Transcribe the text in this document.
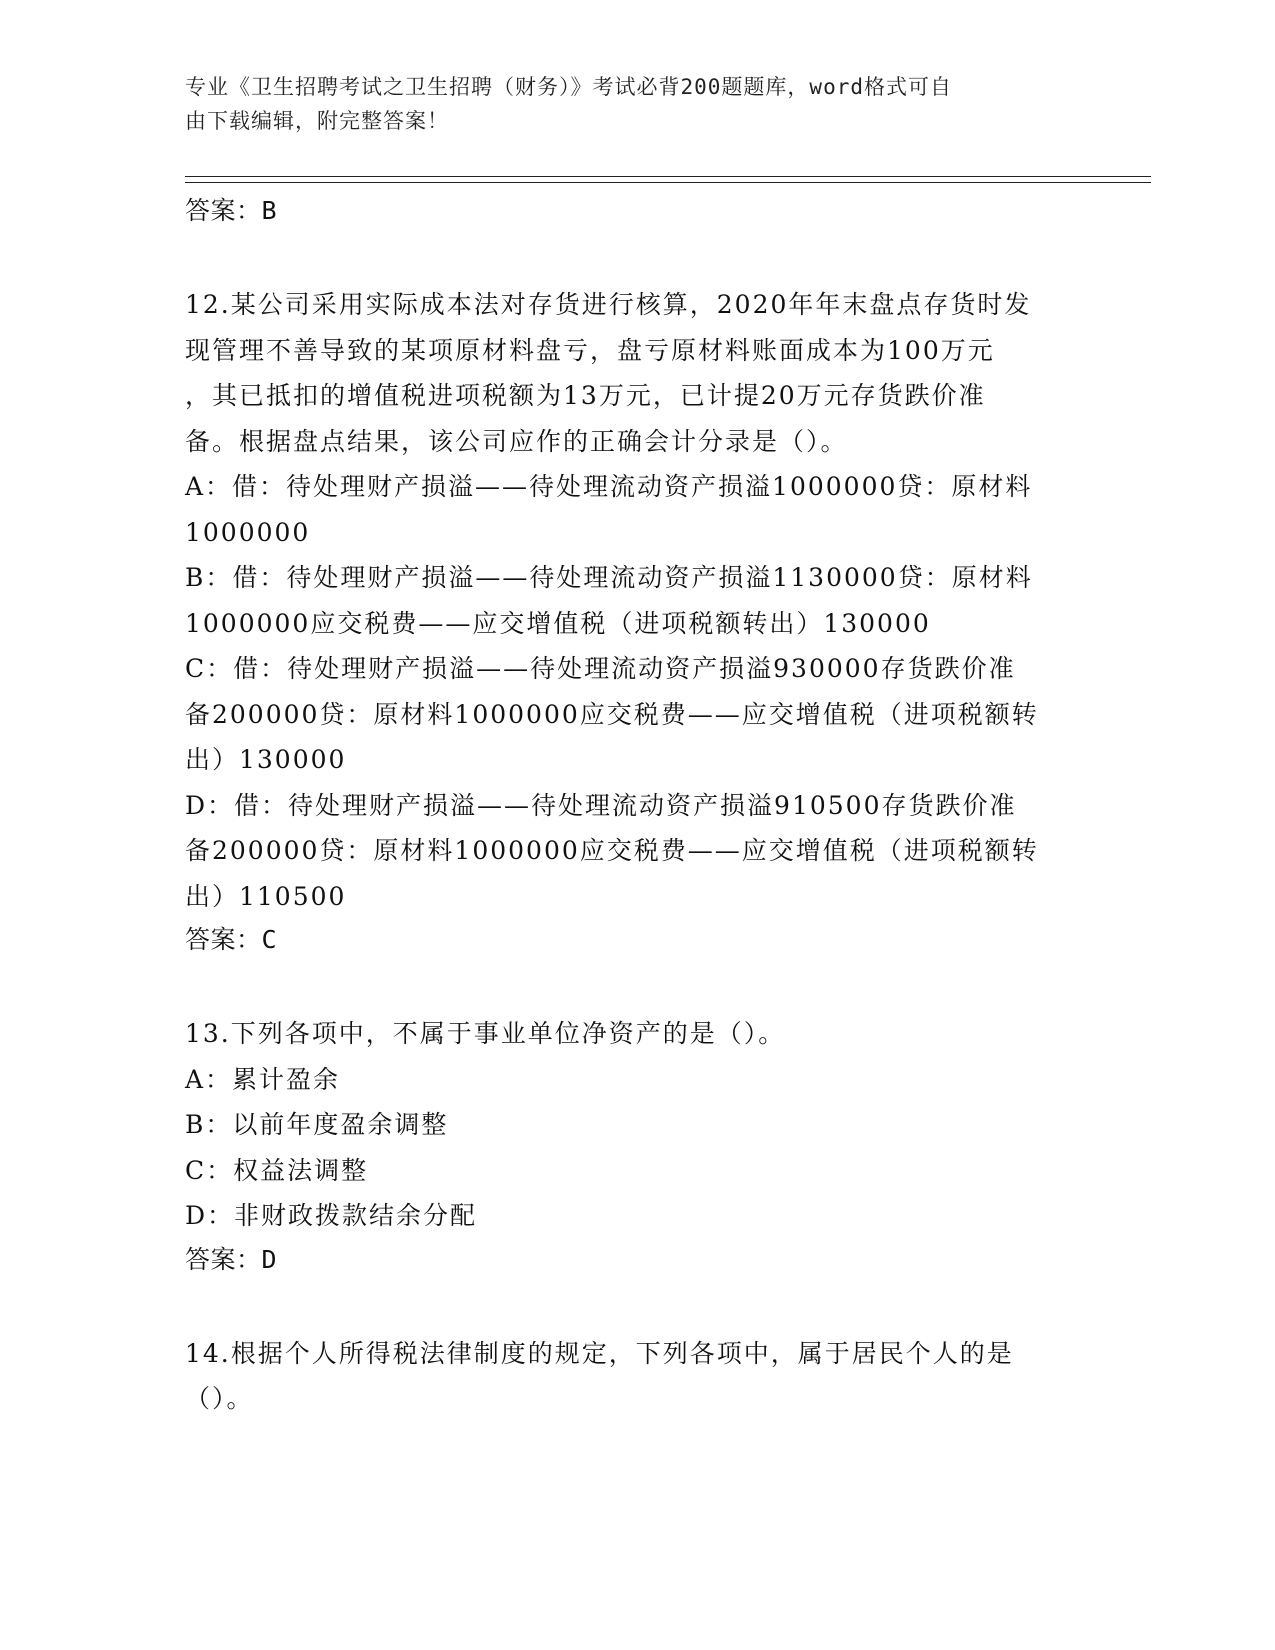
专业《卫生招聘考试之卫生招聘（财务）》考试必背200题题库，word格式可自
由下载编辑，附完整答案！
答案：B

12.某公司采用实际成本法对存货进行核算，2020年年末盘点存货时发

现管理不善导致的某项原材料盘亏，盘亏原材料账面成本为100万元

，其已抵扣的增值税进项税额为13万元，已计提20万元存货跌价准

备。根据盘点结果，该公司应作的正确会计分录是（）。

A：借：待处理财产损溢——待处理流动资产损溢1000000贷：原材料

1000000

B：借：待处理财产损溢——待处理流动资产损溢1130000贷：原材料

1000000应交税费——应交增值税（进项税额转出）130000

C：借：待处理财产损溢——待处理流动资产损溢930000存货跌价准

备200000贷：原材料1000000应交税费——应交增值税（进项税额转

出）130000

D：借：待处理财产损溢——待处理流动资产损溢910500存货跌价准

备200000贷：原材料1000000应交税费——应交增值税（进项税额转

出）110500

答案：C

13.下列各项中，不属于事业单位净资产的是（）。

A：累计盈余

B：以前年度盈余调整

C：权益法调整

D：非财政拨款结余分配

答案：D

14.根据个人所得税法律制度的规定，下列各项中，属于居民个人的是

（）。
